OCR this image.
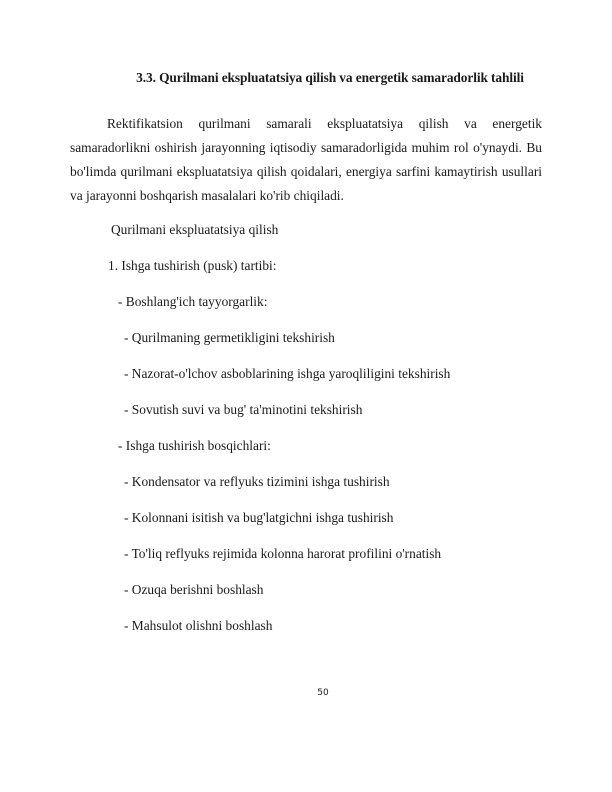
3.3. Qurilmani ekspluatatsiya qilish va energetik samaradorlik tahlili

Rektifikatsion qurilmani samarali ekspluatatsiya qilish va energetik samaradorlikni oshirish jarayonning iqtisodiy samaradorligida muhim rol o'ynaydi. Bu bo'limda qurilmani ekspluatatsiya qilish qoidalari, energiya sarfini kamaytirish usullari va jarayonni boshqarish masalalari ko'rib chiqiladi.

Qurilmani ekspluatatsiya qilish

1. Ishga tushirish (pusk) tartibi:

- Boshlang'ich tayyorgarlik:

- Qurilmaning germetikligini tekshirish

- Nazorat-o'lchov asboblarining ishga yaroqliligini tekshirish

- Sovutish suvi va bug' ta'minotini tekshirish

- Ishga tushirish bosqichlari:

- Kondensator va reflyuks tizimini ishga tushirish

- Kolonnani isitish va bug'latgichni ishga tushirish

- To'liq reflyuks rejimida kolonna harorat profilini o'rnatish

- Ozuqa berishni boshlash

- Mahsulot olishni boshlash

50
